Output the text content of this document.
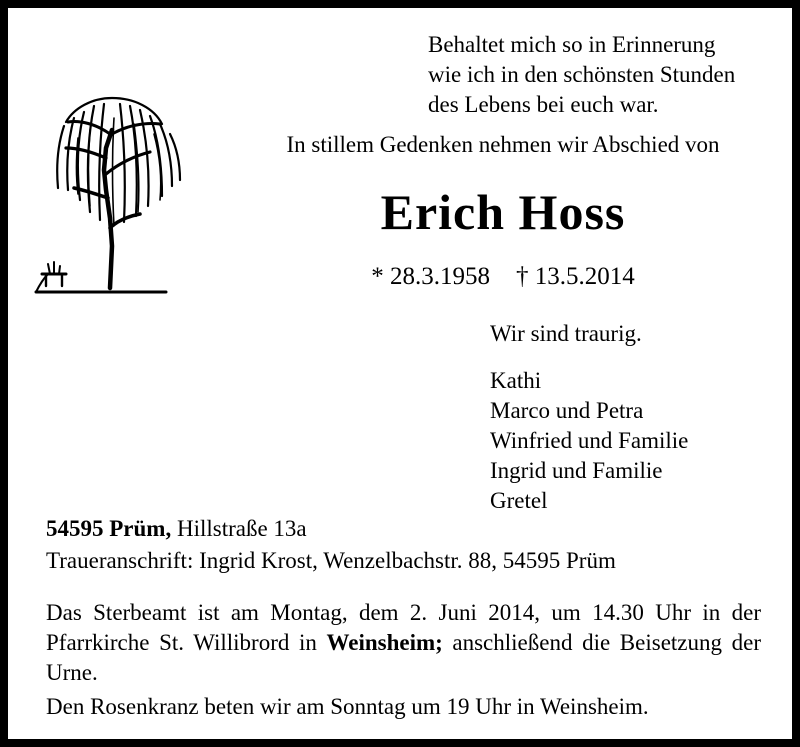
Behaltet mich so in Erinnerung
wie ich in den schönsten Stunden
des Lebens bei euch war.
In stillem Gedenken nehmen wir Abschied von
Erich Hoss
* 28.3.1958 † 13.5.2014
Wir sind traurig.
Kathi
Marco und Petra
Winfried und Familie
Ingrid und Familie
Gretel
54595 Prüm, Hillstraße 13a
Traueranschrift: Ingrid Krost, Wenzelbachstr. 88, 54595 Prüm
Das Sterbeamt ist am Montag, dem 2. Juni 2014, um 14.30 Uhr in der Pfarrkirche St. Willibrord in Weinsheim; anschließend die Beisetzung der Urne.
Den Rosenkranz beten wir am Sonntag um 19 Uhr in Weinsheim.
